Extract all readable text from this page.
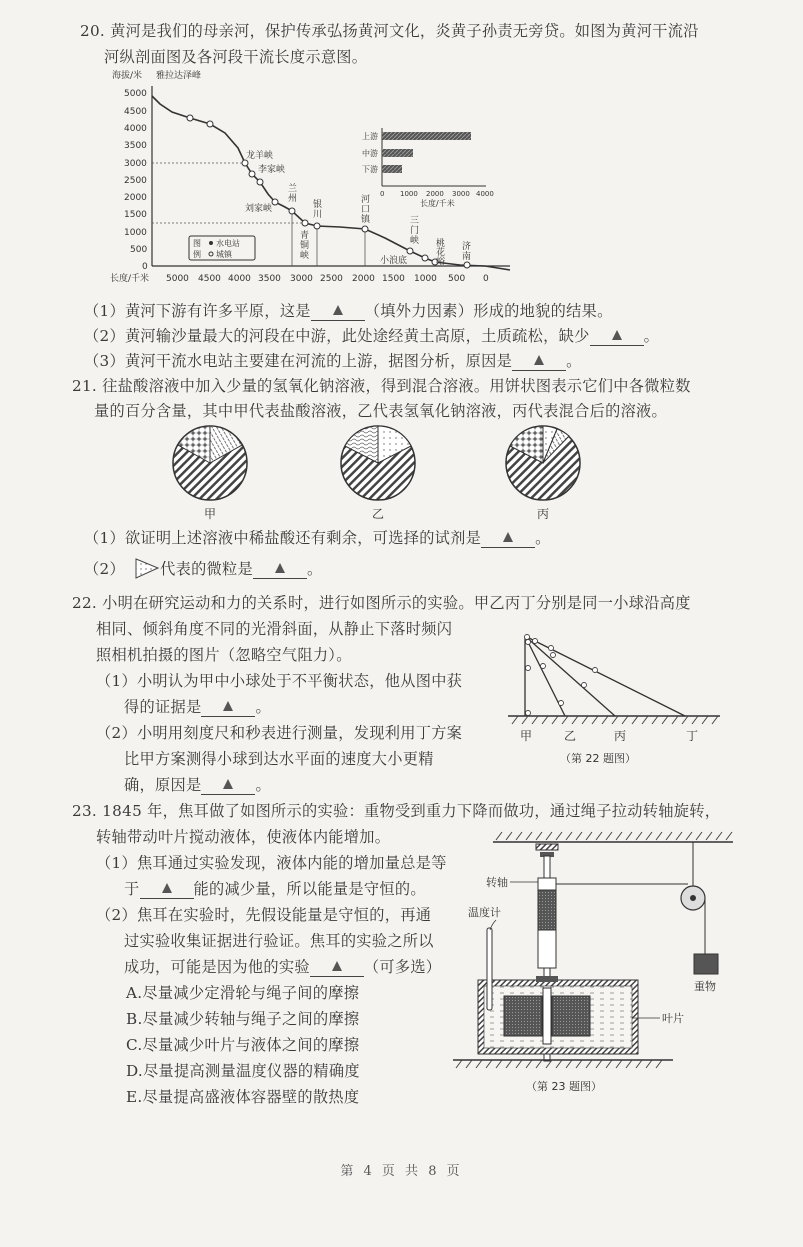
20. 黄河是我们的母亲河，保护传承弘扬黄河文化，炎黄子孙责无旁贷。如图为黄河干流沿
河纵剖面图及各河段干流长度示意图。
海拔/米 雅拉达泽峰
5000
4500
4000
3500
3000
2500
2000
1500
1000
500
0
长度/千米 5000 4500 4000 3500 3000 2500 2000 1500 1000 500 0
龙羊峡
李家峡
刘家峡
兰
州
银
川
青
铜
峡
河
口
镇	三
门
峡
小浪底
桃
花
峪
济
南
图
例
水电站
城镇
上游
中游
下游
0 1000 2000 3000 4000
长度/千米
（1）黄河下游有许多平原，这是	（填外力因素）形成的地貌的结果。
（2）黄河输沙量最大的河段在中游，此处途经黄土高原，土质疏松，缺少	。
（3）黄河干流水电站主要建在河流的上游，据图分析，原因是	。
21. 往盐酸溶液中加入少量的氢氧化钠溶液，得到混合溶液。用饼状图表示它们中各微粒数
量的百分含量，其中甲代表盐酸溶液，乙代表氢氧化钠溶液，丙代表混合后的溶液。
甲	乙	丙
（1）欲证明上述溶液中稀盐酸还有剩余，可选择的试剂是	。
（2） 代表的微粒是	。
22. 小明在研究运动和力的关系时，进行如图所示的实验。甲乙丙丁分别是同一小球沿高度
相同、倾斜角度不同的光滑斜面，从静止下落时频闪
照相机拍摄的图片（忽略空气阻力）。
（1）小明认为甲中小球处于不平衡状态，他从图中获
得的证据是	。
（2）小明用刻度尺和秒表进行测量，发现利用丁方案
比甲方案测得小球到达水平面的速度大小更精
确，原因是	。
甲	乙	丙	丁
（第 22 题图）
23. 1845 年，焦耳做了如图所示的实验：重物受到重力下降而做功，通过绳子拉动转轴旋转，
转轴带动叶片搅动液体，使液体内能增加。
（1）焦耳通过实验发现，液体内能的增加量总是等
于	能的减少量，所以能量是守恒的。
（2）焦耳在实验时，先假设能量是守恒的，再通
过实验收集证据进行验证。焦耳的实验之所以
成功，可能是因为他的实验	（可多选）
A.尽量减少定滑轮与绳子间的摩擦
B.尽量减少转轴与绳子之间的摩擦
C.尽量减少叶片与液体之间的摩擦
D.尽量提高测量温度仪器的精确度
E.尽量提高盛液体容器壁的散热度
转轴
温度计
重物
叶片
（第 23 题图）
第 4 页 共 8 页
